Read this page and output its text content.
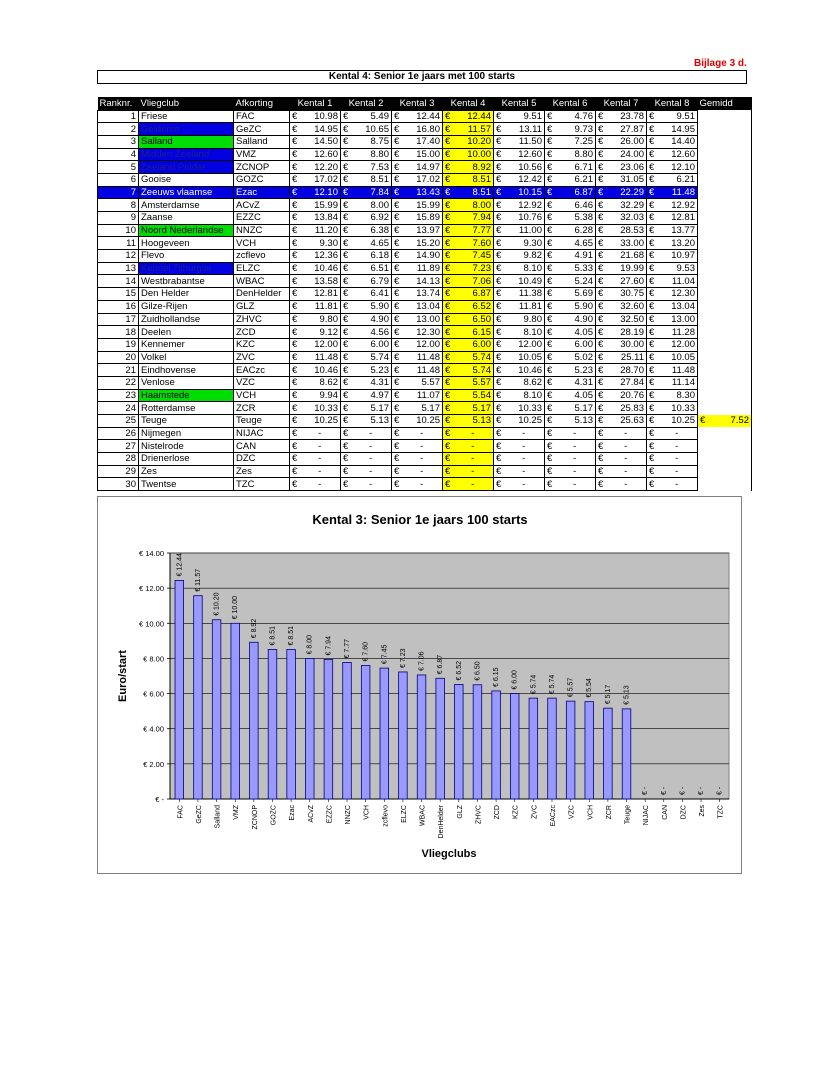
Bijlage 3 d.
Kental 4: Senior 1e jaars met 100 starts
Ranknr.	Vliegclub	Afkorting	Kental 1		Kental 2		Kental 3		Kental 4		Kental 5		Kental 6		Kental 7		Kental 8		Gemidd
1	Friese	FAC	€	10.98	€	5.49	€	12.44	€	12.44	€	9.51	€	4.76	€	23.78	€	9.51	
2	Gelderse	GeZC	€	14.95	€	10.65	€	16.80	€	11.57	€	13.11	€	9.73	€	27.87	€	14.95	
3	Salland	Salland	€	14.50	€	8.75	€	17.40	€	10.20	€	11.50	€	7.25	€	26.00	€	14.40	
4	Midden Zeeland	VMZ	€	12.60	€	8.80	€	15.00	€	10.00	€	12.60	€	8.80	€	24.00	€	12.60	
5	Zeeland Polder	ZCNOP	€	12.20	€	7.53	€	14.97	€	8.92	€	10.56	€	6.71	€	23.06	€	12.10	
6	Gooise	GOZC	€	17.02	€	8.51	€	17.02	€	8.51	€	12.42	€	6.21	€	31.05	€	6.21	
7	Zeeuws vlaamse	Ezac	€	12.10	€	7.84	€	13.43	€	8.51	€	10.15	€	6.87	€	22.29	€	11.48	
8	Amsterdamse	ACvZ	€	15.99	€	8.00	€	15.99	€	8.00	€	12.92	€	6.46	€	32.29	€	12.92	
9	Zaanse	EZZC	€	13.84	€	6.92	€	15.89	€	7.94	€	10.76	€	5.38	€	32.03	€	12.81	
10	Noord Nederlandse	NNZC	€	11.20	€	6.38	€	13.97	€	7.77	€	11.00	€	6.28	€	28.53	€	13.77	
11	Hoogeveen	VCH	€	9.30	€	4.65	€	15.20	€	7.60	€	9.30	€	4.65	€	33.00	€	13.20	
12	Flevo	zcflevo	€	12.36	€	6.18	€	14.90	€	7.45	€	9.82	€	4.91	€	21.68	€	10.97	
13	Kennel Tilburgse	ELZC	€	10.46	€	6.51	€	11.89	€	7.23	€	8.10	€	5.33	€	19.99	€	9.53	
14	Westbrabantse	WBAC	€	13.58	€	6.79	€	14.13	€	7.06	€	10.49	€	5.24	€	27.60	€	11.04	
15	Den Helder	DenHelder	€	12.81	€	6.41	€	13.74	€	6.87	€	11.38	€	5.69	€	30.75	€	12.30	
16	Gilze-Rijen	GLZ	€	11.81	€	5.90	€	13.04	€	6.52	€	11.81	€	5.90	€	32.60	€	13.04	
17	Zuidhollandse	ZHVC	€	9.80	€	4.90	€	13.00	€	6.50	€	9.80	€	4.90	€	32.50	€	13.00	
18	Deelen	ZCD	€	9.12	€	4.56	€	12.30	€	6.15	€	8.10	€	4.05	€	28.19	€	11.28	
19	Kennemer	KZC	€	12.00	€	6.00	€	12.00	€	6.00	€	12.00	€	6.00	€	30.00	€	12.00	
20	Volkel	ZVC	€	11.48	€	5.74	€	11.48	€	5.74	€	10.05	€	5.02	€	25.11	€	10.05	
21	Eindhovense	EACzc	€	10.46	€	5.23	€	11.48	€	5.74	€	10.46	€	5.23	€	28.70	€	11.48	
22	Venlose	VZC	€	8.62	€	4.31	€	5.57	€	5.57	€	8.62	€	4.31	€	27.84	€	11.14	
23	Haamstede	VCH	€	9.94	€	4.97	€	11.07	€	5.54	€	8.10	€	4.05	€	20.76	€	8.30	
24	Rotterdamse	ZCR	€	10.33	€	5.17	€	5.17	€	5.17	€	10.33	€	5.17	€	25.83	€	10.33	
25	Teuge	Teuge	€	10.25	€	5.13	€	10.25	€	5.13	€	10.25	€	5.13	€	25.63	€	10.25	€ 7.52

26	Nijmegen	NIJAC	€	-	€	-	€	-	€	-	€	-	€	-	€	-	€	-	
27	Nistelrode	CAN	€	-	€	-	€	-	€	-	€	-	€	-	€	-	€	-	
28	Drienerlose	DZC	€	-	€	-	€	-	€	-	€	-	€	-	€	-	€	-	
29	Zes	Zes	€	-	€	-	€	-	€	-	€	-	€	-	€	-	€	-	
30	Twentse	TZC	€	-	€	-	€	-	€	-	€	-	€	-	€	-	€	-	
Kental 3: Senior 1e jaars 100 starts
€ -
€ 2.00
€ 4.00
€ 6.00
€ 8.00
€ 10.00
€ 12.00
€ 14.00 € 12.44
FAC
€ 11.57
GeZC
€ 10.20
Salland
€ 10.00
VMZ
€ 8.92
ZCNOP
€ 8.51
GOZC
€ 8.51
Ezac
€ 8.00
ACvZ
€ 7.94
EZZC
€ 7.77
NNZC
€ 7.60
VCH
€ 7.45
zcflevo
€ 7.23
ELZC
€ 7.06
WBAC
€ 6.87
DenHelder
€ 6.52
GLZ
€ 6.50
ZHVC
€ 6.15
ZCD
€ 6.00
KZC
€ 5.74
ZVC
€ 5.74
EACzc
€ 5.57
VZC
€ 5.54
VCH
€ 5.17
ZCR
€ 5.13
Teuge
€ -
NIJAC
€ -
CAN
€ -
DZC
€ -
Zes
€ -
TZC
Euro/start
Vliegclubs
